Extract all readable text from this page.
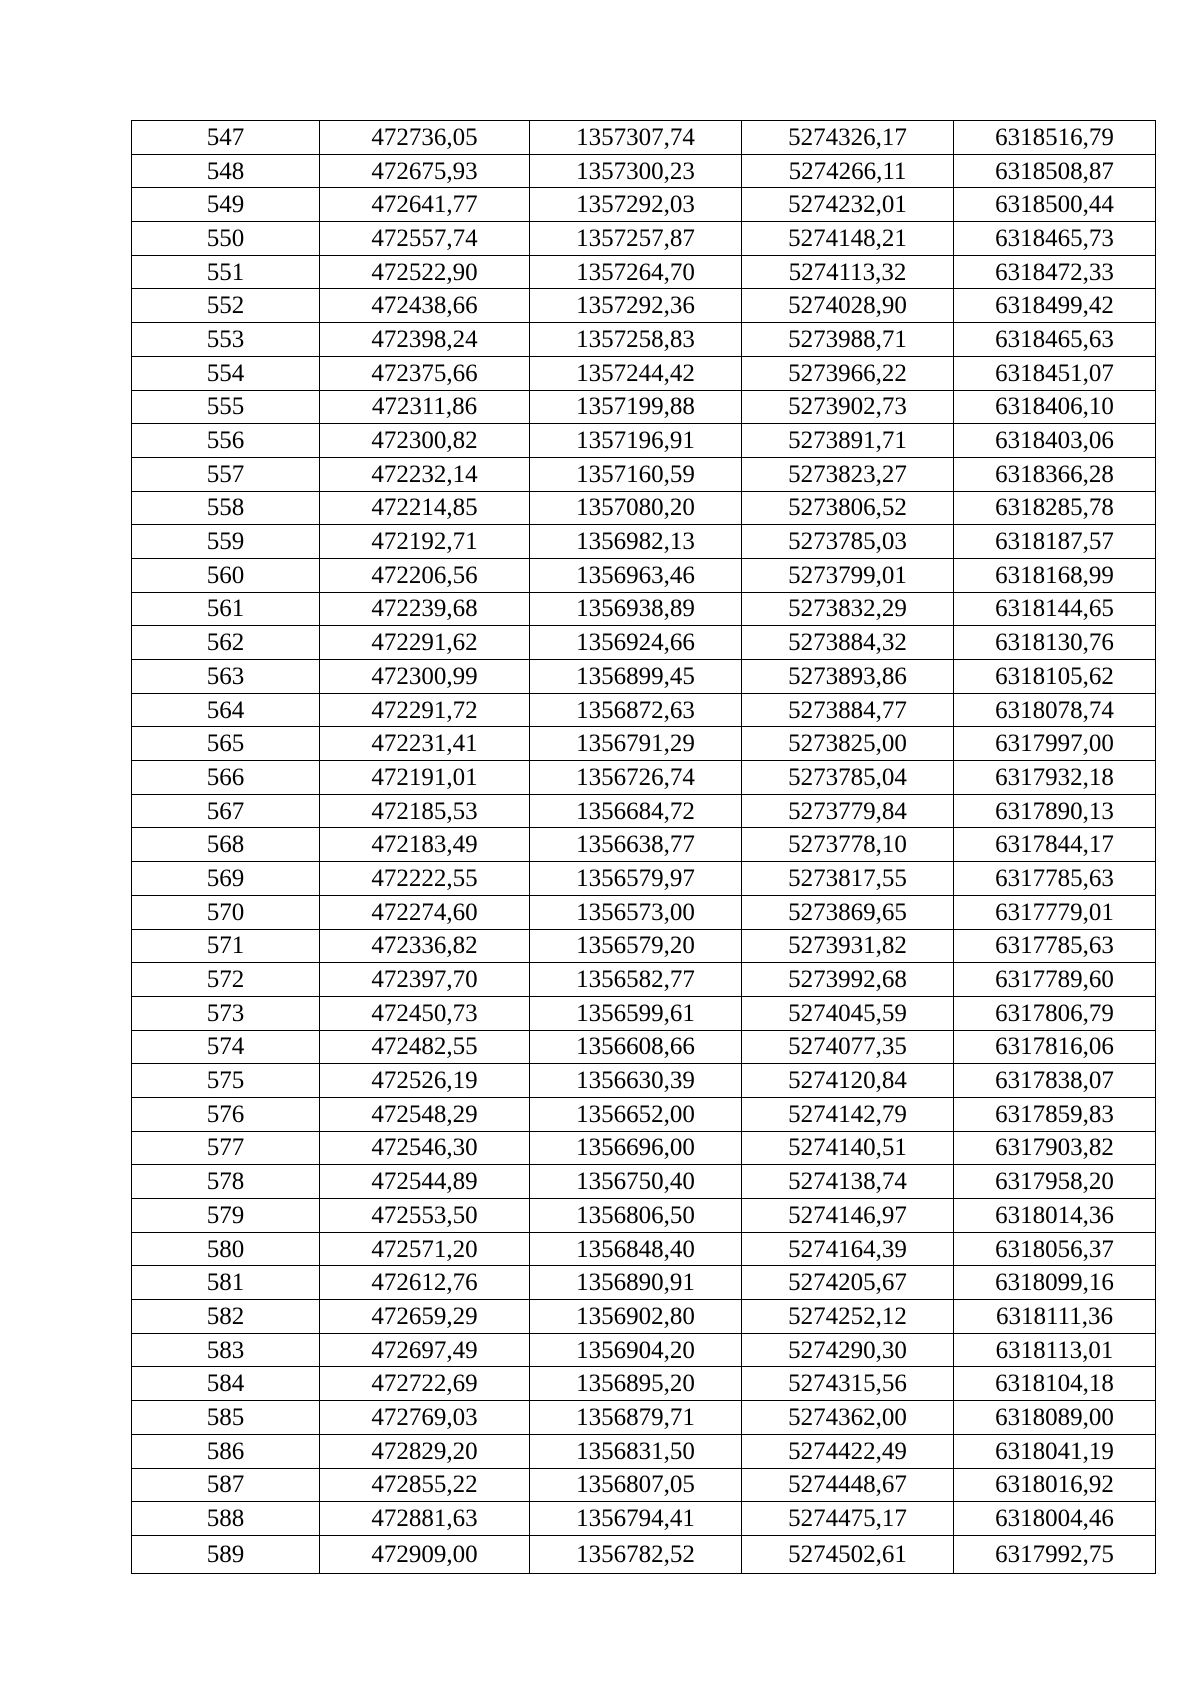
547	472736,05	1357307,74	5274326,17	6318516,79
548	472675,93	1357300,23	5274266,11	6318508,87
549	472641,77	1357292,03	5274232,01	6318500,44
550	472557,74	1357257,87	5274148,21	6318465,73
551	472522,90	1357264,70	5274113,32	6318472,33
552	472438,66	1357292,36	5274028,90	6318499,42
553	472398,24	1357258,83	5273988,71	6318465,63
554	472375,66	1357244,42	5273966,22	6318451,07
555	472311,86	1357199,88	5273902,73	6318406,10
556	472300,82	1357196,91	5273891,71	6318403,06
557	472232,14	1357160,59	5273823,27	6318366,28
558	472214,85	1357080,20	5273806,52	6318285,78
559	472192,71	1356982,13	5273785,03	6318187,57
560	472206,56	1356963,46	5273799,01	6318168,99
561	472239,68	1356938,89	5273832,29	6318144,65
562	472291,62	1356924,66	5273884,32	6318130,76
563	472300,99	1356899,45	5273893,86	6318105,62
564	472291,72	1356872,63	5273884,77	6318078,74
565	472231,41	1356791,29	5273825,00	6317997,00
566	472191,01	1356726,74	5273785,04	6317932,18
567	472185,53	1356684,72	5273779,84	6317890,13
568	472183,49	1356638,77	5273778,10	6317844,17
569	472222,55	1356579,97	5273817,55	6317785,63
570	472274,60	1356573,00	5273869,65	6317779,01
571	472336,82	1356579,20	5273931,82	6317785,63
572	472397,70	1356582,77	5273992,68	6317789,60
573	472450,73	1356599,61	5274045,59	6317806,79
574	472482,55	1356608,66	5274077,35	6317816,06
575	472526,19	1356630,39	5274120,84	6317838,07
576	472548,29	1356652,00	5274142,79	6317859,83
577	472546,30	1356696,00	5274140,51	6317903,82
578	472544,89	1356750,40	5274138,74	6317958,20
579	472553,50	1356806,50	5274146,97	6318014,36
580	472571,20	1356848,40	5274164,39	6318056,37
581	472612,76	1356890,91	5274205,67	6318099,16
582	472659,29	1356902,80	5274252,12	6318111,36
583	472697,49	1356904,20	5274290,30	6318113,01
584	472722,69	1356895,20	5274315,56	6318104,18
585	472769,03	1356879,71	5274362,00	6318089,00
586	472829,20	1356831,50	5274422,49	6318041,19
587	472855,22	1356807,05	5274448,67	6318016,92
588	472881,63	1356794,41	5274475,17	6318004,46
589	472909,00	1356782,52	5274502,61	6317992,75
